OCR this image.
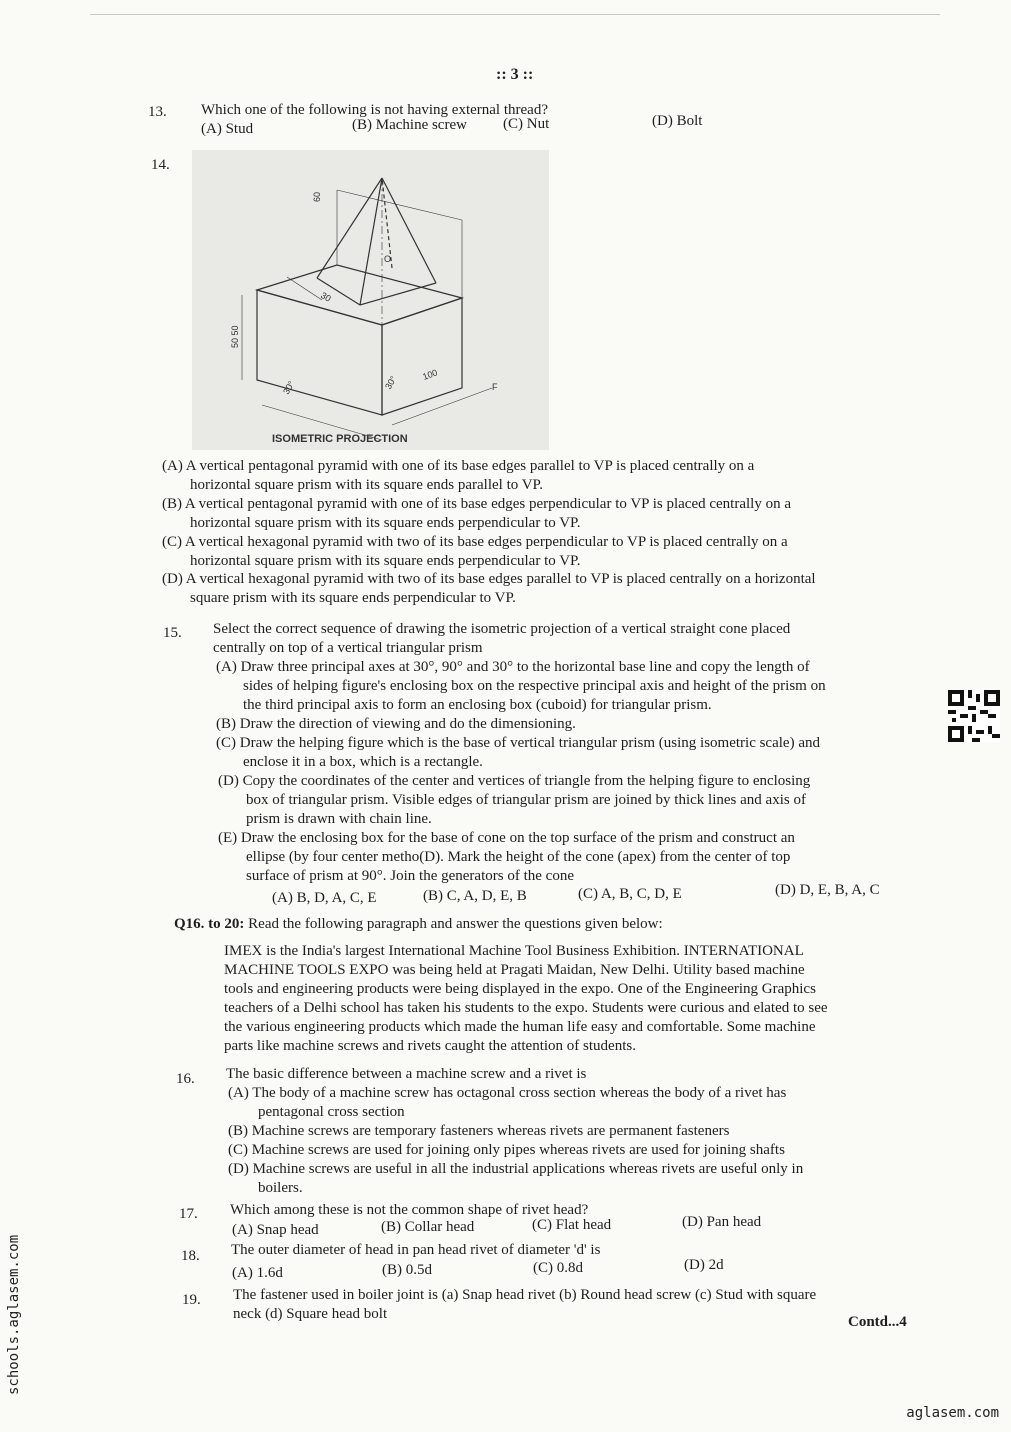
:: 3 ::
13. Which one of the following is not having external thread?
(A) Stud	(B) Machine screw (C) Nut	(D) Bolt
14.
60
O
30
50 50
30°	30°	100
F
ISOMETRIC PROJECTION
(A) A vertical pentagonal pyramid with one of its base edges parallel to VP is placed centrally on a
horizontal square prism with its square ends parallel to VP.
(B) A vertical pentagonal pyramid with one of its base edges perpendicular to VP is placed centrally on a
horizontal square prism with its square ends perpendicular to VP.
(C) A vertical hexagonal pyramid with two of its base edges perpendicular to VP is placed centrally on a
horizontal square prism with its square ends perpendicular to VP.
(D) A vertical hexagonal pyramid with two of its base edges parallel to VP is placed centrally on a horizontal
square prism with its square ends perpendicular to VP.
15. Select the correct sequence of drawing the isometric projection of a vertical straight cone placed
centrally on top of a vertical triangular prism
(A) Draw three principal axes at 30°, 90° and 30° to the horizontal base line and copy the length of
sides of helping figure's enclosing box on the respective principal axis and height of the prism on
the third principal axis to form an enclosing box (cuboid) for triangular prism.
(B) Draw the direction of viewing and do the dimensioning.
(C) Draw the helping figure which is the base of vertical triangular prism (using isometric scale) and
enclose it in a box, which is a rectangle.
(D) Copy the coordinates of the center and vertices of triangle from the helping figure to enclosing
box of triangular prism. Visible edges of triangular prism are joined by thick lines and axis of
prism is drawn with chain line.
(E) Draw the enclosing box for the base of cone on the top surface of the prism and construct an
ellipse (by four center metho(D). Mark the height of the cone (apex) from the center of top
surface of prism at 90°. Join the generators of the cone
(A) B, D, A, C, E	(B) C, A, D, E, B	(C) A, B, C, D, E	(D) D, E, B, A, C
Q16. to 20: Read the following paragraph and answer the questions given below:
IMEX is the India's largest International Machine Tool Business Exhibition. INTERNATIONAL
MACHINE TOOLS EXPO was being held at Pragati Maidan, New Delhi. Utility based machine
tools and engineering products were being displayed in the expo. One of the Engineering Graphics
teachers of a Delhi school has taken his students to the expo. Students were curious and elated to see
the various engineering products which made the human life easy and comfortable. Some machine
parts like machine screws and rivets caught the attention of students.
16. The basic difference between a machine screw and a rivet is
(A) The body of a machine screw has octagonal cross section whereas the body of a rivet has
pentagonal cross section
(B) Machine screws are temporary fasteners whereas rivets are permanent fasteners
(C) Machine screws are used for joining only pipes whereas rivets are used for joining shafts
(D) Machine screws are useful in all the industrial applications whereas rivets are useful only in
boilers.
17. Which among these is not the common shape of rivet head?
(A) Snap head	(B) Collar head	(C) Flat head	(D) Pan head
18. The outer diameter of head in pan head rivet of diameter 'd' is
(A) 1.6d	(B) 0.5d	(C) 0.8d	(D) 2d
19. The fastener used in boiler joint is (a) Snap head rivet (b) Round head screw (c) Stud with square
neck (d) Square head bolt	Contd...4
schools.aglasem.com
aglasem.com
